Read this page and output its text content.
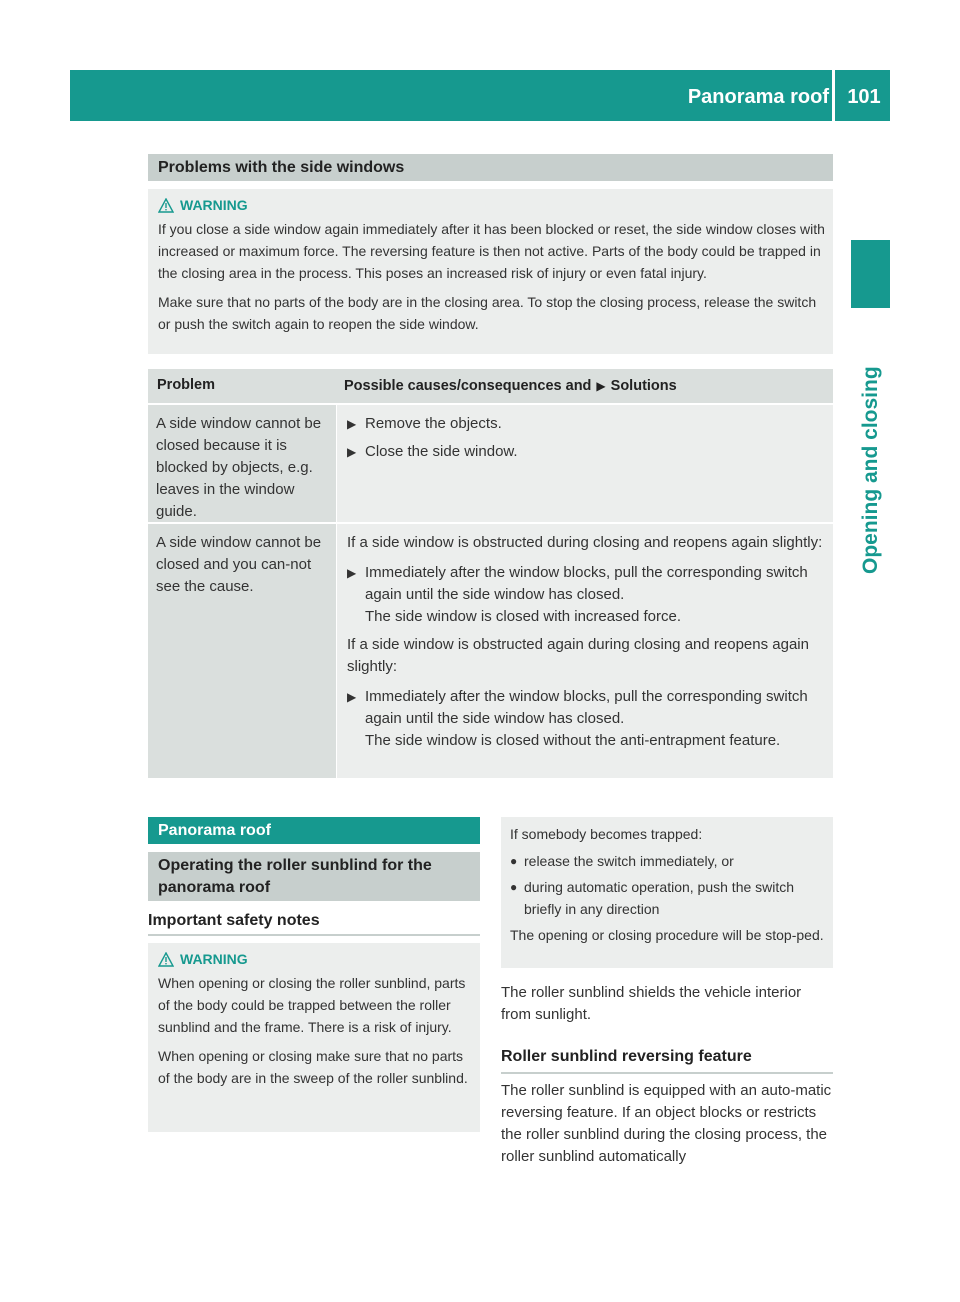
Panorama roof 101
Opening and closing
Problems with the side windows
WARNING

If you close a side window again immediately after it has been blocked or reset, the side window closes with increased or maximum force. The reversing feature is then not active. Parts of the body could be trapped in the closing area in the process. This poses an increased risk of injury or even fatal injury.

Make sure that no parts of the body are in the closing area. To stop the closing process, release the switch or push the switch again to reopen the side window.

Problem	Possible causes/consequences and ▶ Solutions
A side window cannot be closed because it is blocked by objects, e.g. leaves in the window guide.
▶ Remove the objects.
▶ Close the side window.
A side window cannot be closed and you can-not see the cause.

If a side window is obstructed during closing and reopens again slightly:

▶ Immediately after the window blocks, pull the corresponding switch again until the side window has closed.
The side window is closed with increased force.

If a side window is obstructed again during closing and reopens again slightly:

▶ Immediately after the window blocks, pull the corresponding switch again until the side window has closed.
The side window is closed without the anti-entrapment feature.
Panorama roof
Operating the roller sunblind for the panorama roof
Important safety notes
WARNING

When opening or closing the roller sunblind, parts of the body could be trapped between the roller sunblind and the frame. There is a risk of injury.

When opening or closing make sure that no parts of the body are in the sweep of the roller sunblind.

If somebody becomes trapped:
● release the switch immediately, or
● during automatic operation, push the switch briefly in any direction
The opening or closing procedure will be stop-ped.
The roller sunblind shields the vehicle interior from sunlight.
Roller sunblind reversing feature
The roller sunblind is equipped with an auto-matic reversing feature. If an object blocks or restricts the roller sunblind during the closing process, the roller sunblind automatically
